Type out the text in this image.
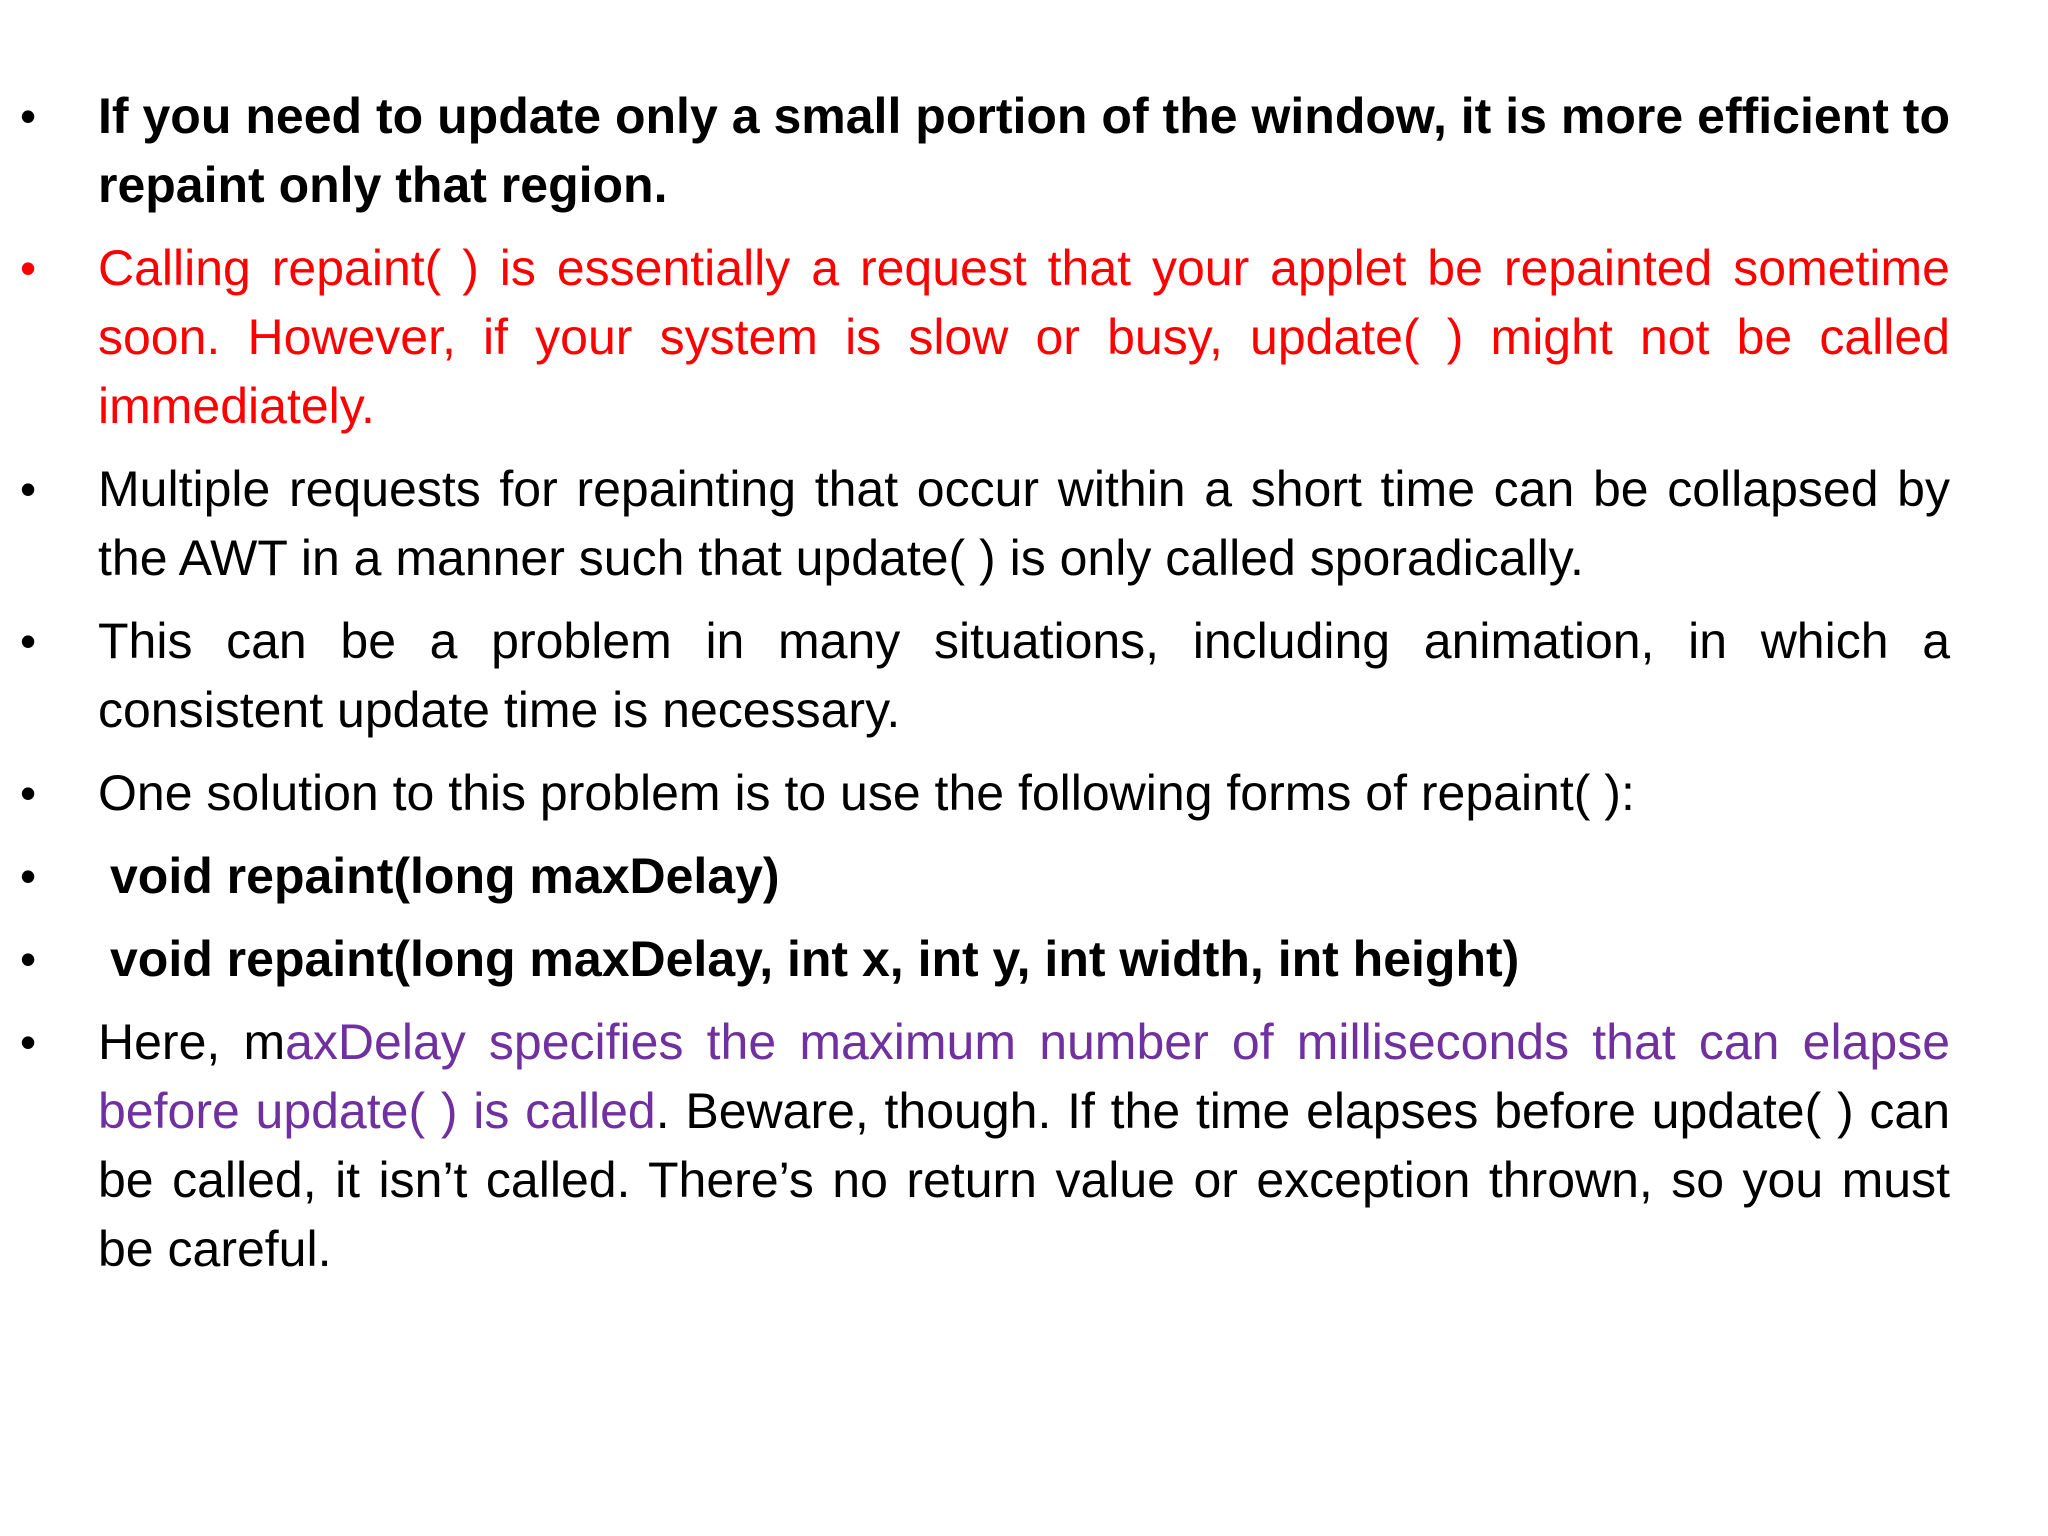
•	If you need to update only a small portion of the window, it is more efficient to repaint only that region.
•	Calling repaint( ) is essentially a request that your applet be repainted sometime soon. However, if your system is slow or busy, update( ) might not be called immediately.
•	Multiple requests for repainting that occur within a short time can be collapsed by the AWT in a manner such that update( ) is only called sporadically.
•	This can be a problem in many situations, including animation, in which a consistent update time is necessary.
•	One solution to this problem is to use the following forms of repaint( ):
•	void repaint(long maxDelay)
•	void repaint(long maxDelay, int x, int y, int width, int height)
•	Here, maxDelay specifies the maximum number of milliseconds that can elapse before update( ) is called. Beware, though. If the time elapses before update( ) can be called, it isn’t called. There’s no return value or exception thrown, so you must be careful.
